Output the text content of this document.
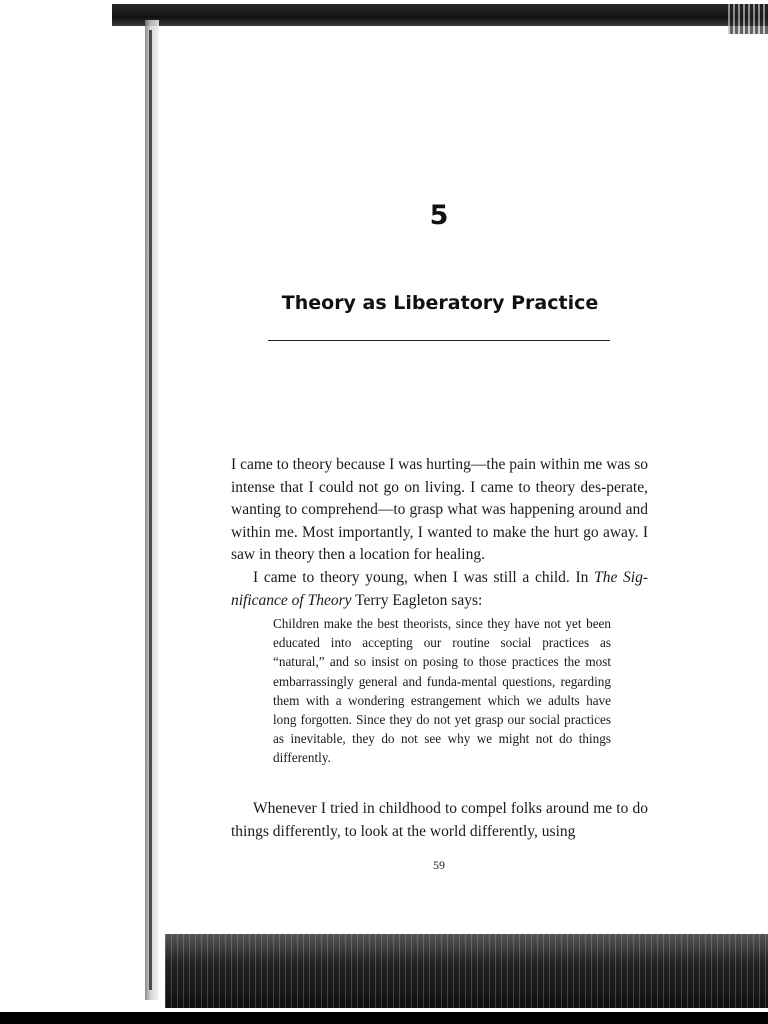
5
Theory as Liberatory Practice

I came to theory because I was hurting—the pain within me was so intense that I could not go on living. I came to theory des-perate, wanting to comprehend—to grasp what was happening around and within me. Most importantly, I wanted to make the hurt go away. I saw in theory then a location for healing.

I came to theory young, when I was still a child. In The Sig-nificance of Theory Terry Eagleton says:

Children make the best theorists, since they have not yet been educated into accepting our routine social practices as “natural,” and so insist on posing to those practices the most embarrassingly general and funda-mental questions, regarding them with a wondering estrangement which we adults have long forgotten. Since they do not yet grasp our social practices as inevitable, they do not see why we might not do things differently.

Whenever I tried in childhood to compel folks around me to do things differently, to look at the world differently, using

59
